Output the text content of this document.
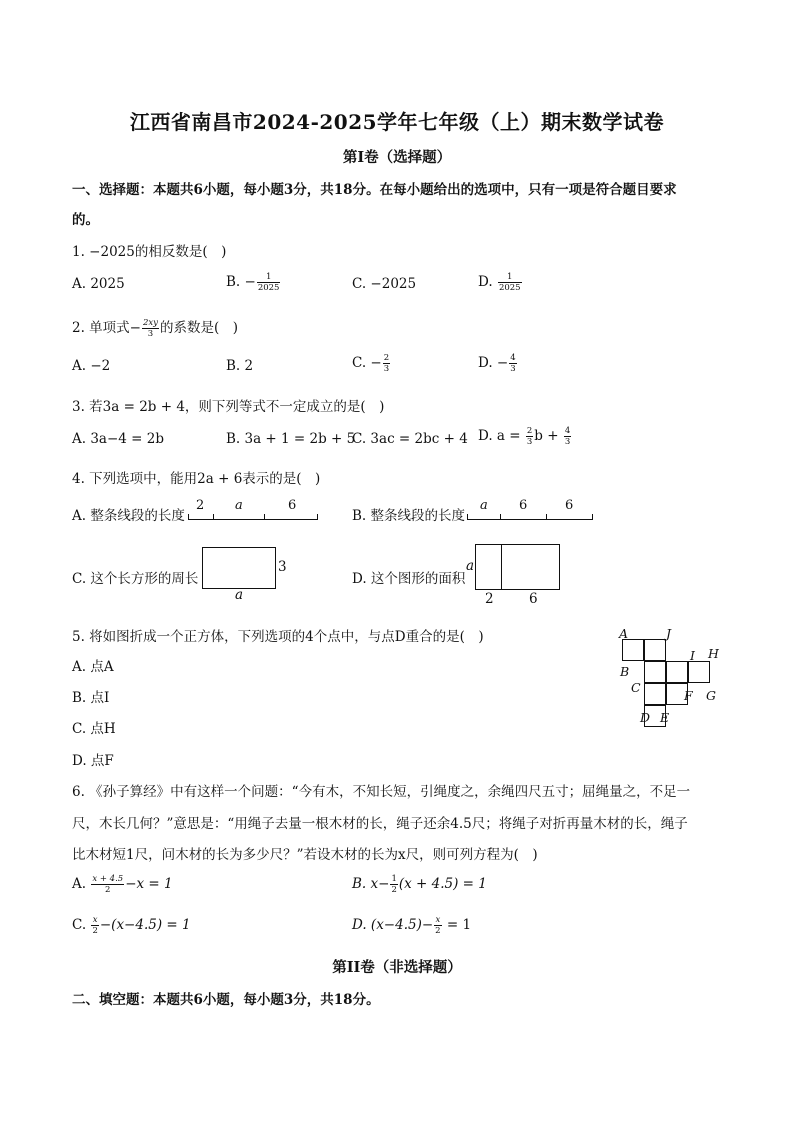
江西省南昌市2024-2025学年七年级（上）期末数学试卷
第I卷（选择题）
一、选择题：本题共6小题，每小题3分，共18分。在每小题给出的选项中，只有一项是符合题目要求
的。
1. −2025的相反数是(　)
A. 2025	B. − $\frac{1}{2025}$	C. −2025	D. $\frac{1}{2025}$
2. 单项式− $\frac{2xy}{3}$ 的系数是(　)
A. −2	B. 2	C. − $\frac{2}{3}$	D. − $\frac{4}{3}$
3. 若3a = 2b + 4，则下列等式不一定成立的是(　)
A. 3a−4 = 2b	B. 3a + 1 = 2b + 5
C. 3ac = 2bc + 4 D. $a = \frac{2}{3}$ $b + \frac{4}{3}$
4. 下列选项中，能用2a + 6表示的是(　)
A. 整条线段的长度
2 a	6
B. 整条线段的长度
a 6	6
C. 这个长方形的周长
3
a
D. 这个图形的面积
a
2	6
5. 将如图折成一个正方体，下列选项的4个点中，与点D重合的是(　)
A. 点A
B. 点I
C. 点H
D. 点F
A	J
B
I H
C
F G
D E
6. 《孙子算经》中有这样一个问题：“今有木，不知长短，引绳度之，余绳四尺五寸；屈绳量之，不足一
尺，木长几何？”意思是：“用绳子去量一根木材的长，绳子还余4.5尺；将绳子对折再量木材的长，绳子
比木材短1尺，问木材的长为多少尺？”若设木材的长为x尺，则可列方程为(　)
A. $\frac{x + 4.5}{2} -x = 1$	B. $x- \frac{1}{2} (x + 4.5) = 1$
C. $\frac{x}{2} -(x-4.5) = 1$	D. $(x-4.5)- \frac{x}{2} = 1$
第II卷（非选择题）
二、填空题：本题共6小题，每小题3分，共18分。
